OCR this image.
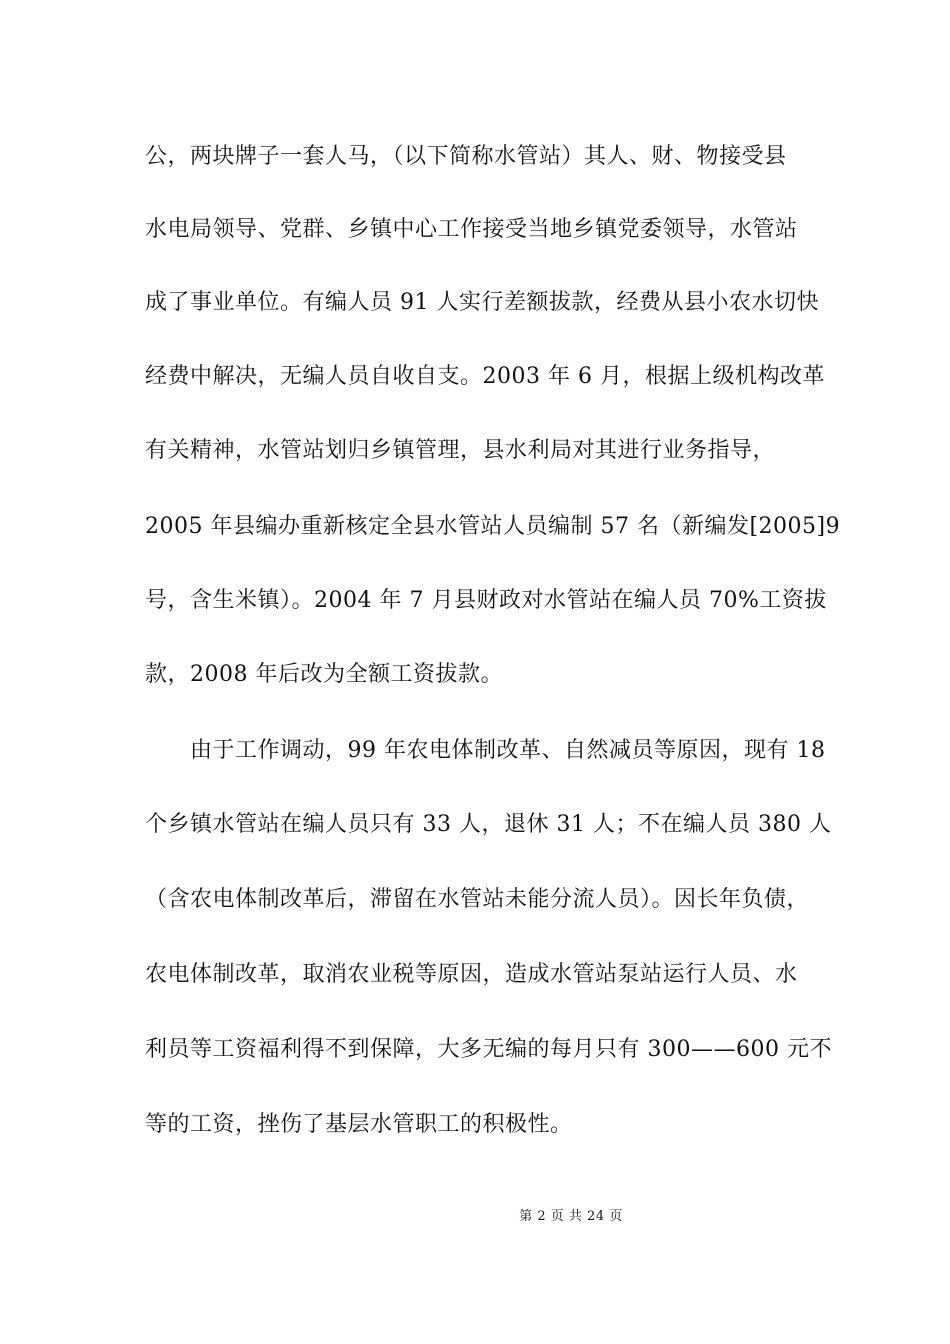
公，两块牌子一套人马，（以下简称水管站）其人、财、物接受县
水电局领导、党群、乡镇中心工作接受当地乡镇党委领导，水管站
成了事业单位。有编人员 91 人实行差额拔款，经费从县小农水切快
经费中解决，无编人员自收自支。2003 年 6 月，根据上级机构改革
有关精神，水管站划归乡镇管理，县水利局对其进行业务指导，
2005 年县编办重新核定全县水管站人员编制 57 名（新编发[2005]9
号，含生米镇）。2004 年 7 月县财政对水管站在编人员 70%工资拔
款，2008 年后改为全额工资拔款。
由于工作调动，99 年农电体制改革、自然减员等原因，现有 18
个乡镇水管站在编人员只有 33 人，退休 31 人；不在编人员 380 人
（含农电体制改革后，滞留在水管站未能分流人员）。因长年负债，
农电体制改革，取消农业税等原因，造成水管站泵站运行人员、水
利员等工资福利得不到保障，大多无编的每月只有 300——600 元不
等的工资，挫伤了基层水管职工的积极性。
第 2 页 共 24 页
